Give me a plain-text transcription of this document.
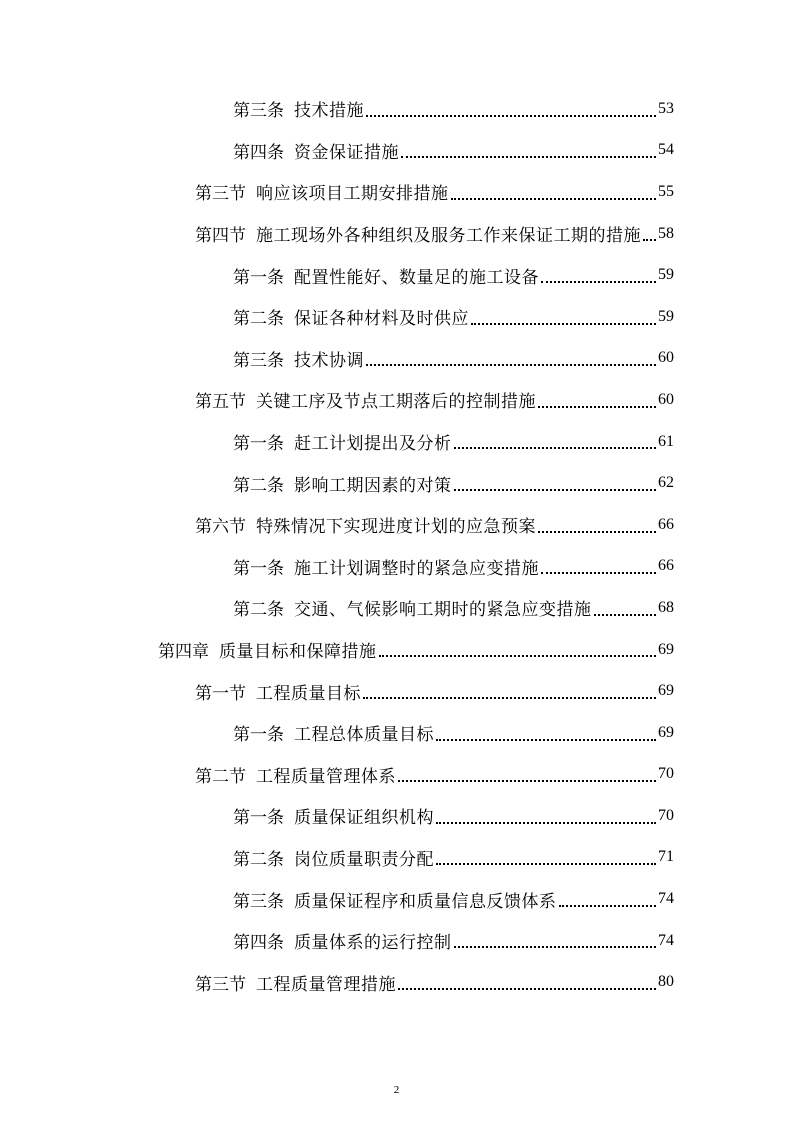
第三条 技术措施	53
第四条 资金保证措施	54
第三节 响应该项目工期安排措施	55
第四节 施工现场外各种组织及服务工作来保证工期的措施 58
第一条 配置性能好、数量足的施工设备	59
第二条 保证各种材料及时供应	59
第三条 技术协调	60
第五节 关键工序及节点工期落后的控制措施	60
第一条 赶工计划提出及分析	61
第二条 影响工期因素的对策	62
第六节 特殊情况下实现进度计划的应急预案	66
第一条 施工计划调整时的紧急应变措施	66
第二条 交通、气候影响工期时的紧急应变措施	68
第四章 质量目标和保障措施	69
第一节 工程质量目标	69
第一条 工程总体质量目标	69
第二节 工程质量管理体系	70
第一条 质量保证组织机构	70
第二条 岗位质量职责分配	71
第三条 质量保证程序和质量信息反馈体系	74
第四条 质量体系的运行控制	74
第三节 工程质量管理措施	80
2
